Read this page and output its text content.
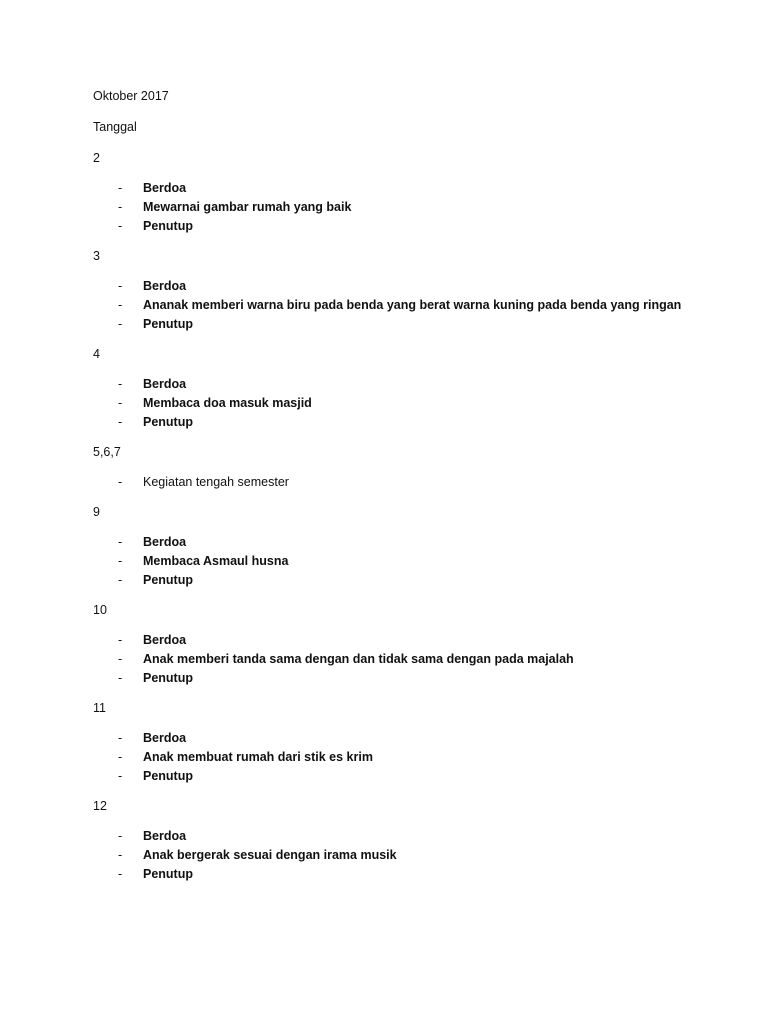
Oktober 2017

Tanggal

2

- Berdoa
- Mewarnai gambar rumah yang baik
- Penutup

3

- Berdoa
- Ananak memberi warna biru pada benda yang berat warna kuning pada benda yang ringan
- Penutup

4

- Berdoa
- Membaca doa masuk masjid
- Penutup

5,6,7

- Kegiatan tengah semester

9

- Berdoa
- Membaca Asmaul husna
- Penutup

10

- Berdoa
- Anak memberi tanda sama dengan dan tidak sama dengan pada majalah
- Penutup

11

- Berdoa
- Anak membuat rumah dari stik es krim
- Penutup

12

- Berdoa
- Anak bergerak sesuai dengan irama musik
- Penutup
